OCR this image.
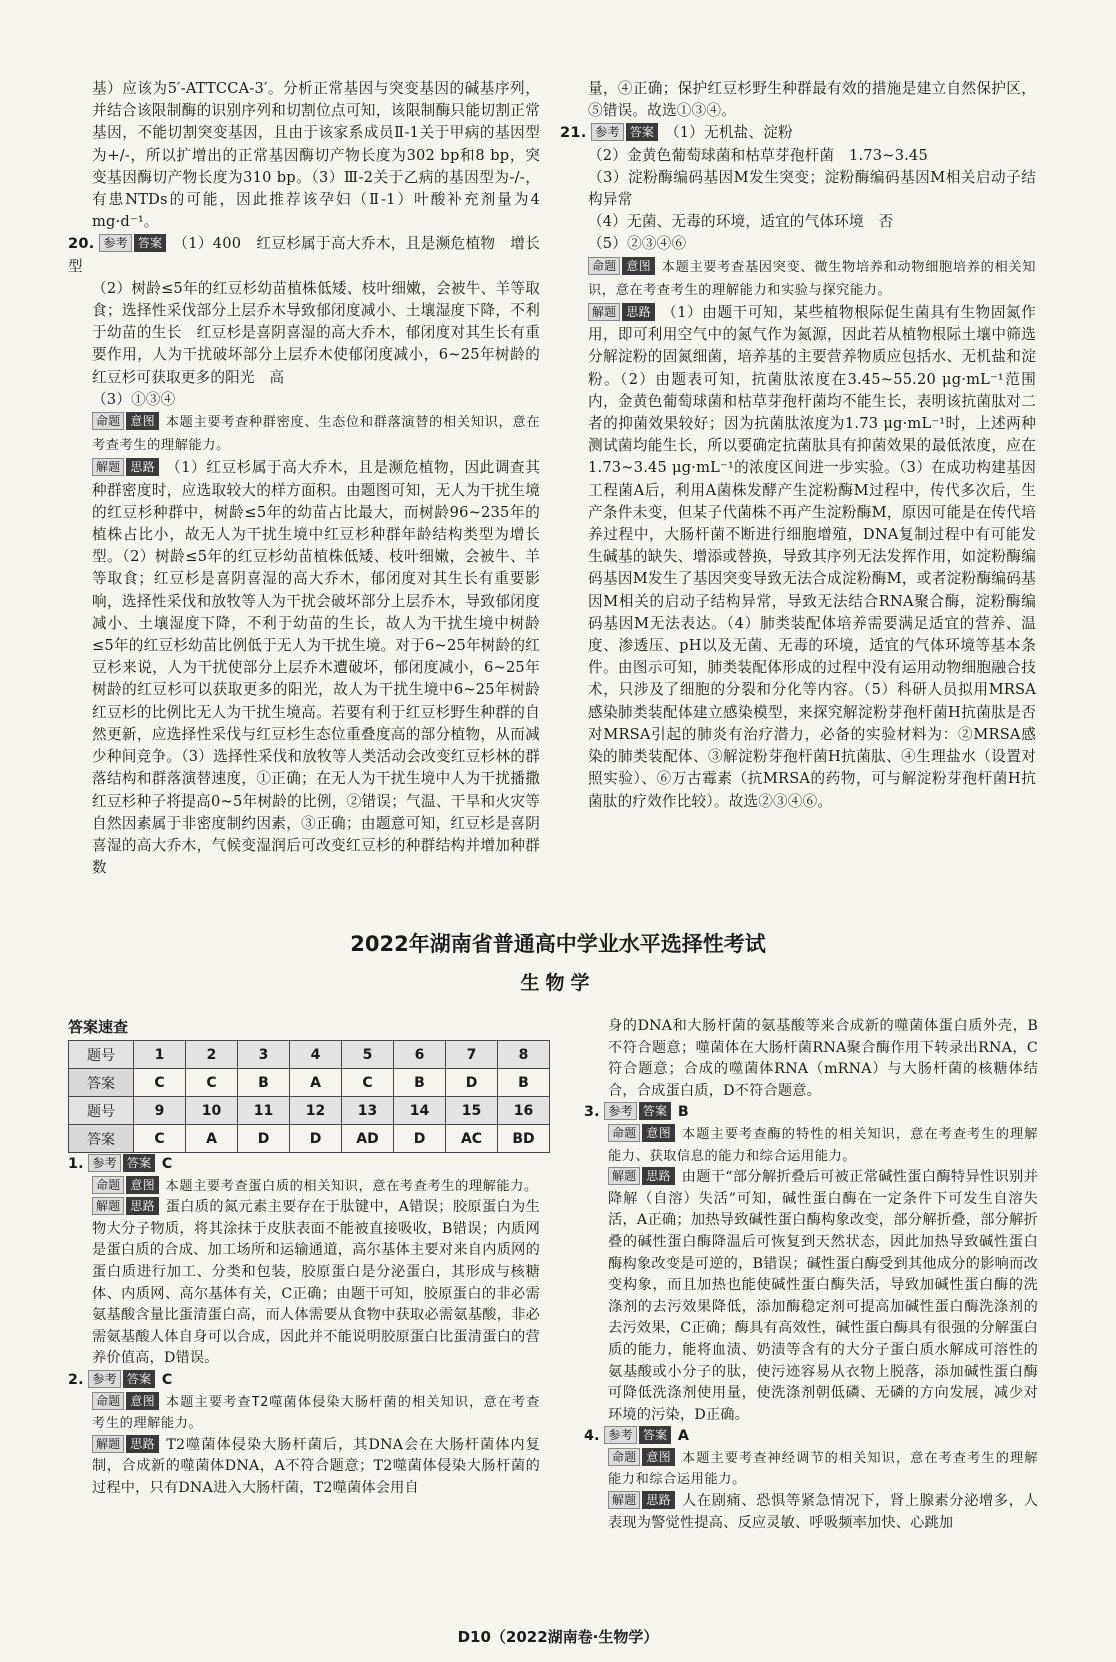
基）应该为5′-ATTCCA-3′。分析正常基因与突变基因的碱基序列，并结合该限制酶的识别序列和切割位点可知，该限制酶只能切割正常基因，不能切割突变基因，且由于该家系成员Ⅱ-1关于甲病的基因型为+/-，所以扩增出的正常基因酶切产物长度为302 bp和8 bp，突变基因酶切产物长度为310 bp。（3）Ⅲ-2关于乙病的基因型为-/-，有患NTDs的可能，因此推荐该孕妇（Ⅱ-1）叶酸补充剂量为4 mg·d⁻¹。

20. 参考 答案 （1）400　红豆杉属于高大乔木，且是濒危植物　增长型

（2）树龄≤5年的红豆杉幼苗植株低矮、枝叶细嫩，会被牛、羊等取食；选择性采伐部分上层乔木导致郁闭度减小、土壤湿度下降，不利于幼苗的生长　红豆杉是喜阴喜湿的高大乔木，郁闭度对其生长有重要作用，人为干扰破坏部分上层乔木使郁闭度减小，6~25年树龄的红豆杉可获取更多的阳光　高

（3）①③④

命题 意图 本题主要考查种群密度、生态位和群落演替的相关知识，意在考查考生的理解能力。

解题 思路 （1）红豆杉属于高大乔木，且是濒危植物，因此调查其种群密度时，应选取较大的样方面积。由题图可知，无人为干扰生境的红豆杉种群中，树龄≤5年的幼苗占比最大，而树龄96~235年的植株占比小，故无人为干扰生境中红豆杉种群年龄结构类型为增长型。（2）树龄≤5年的红豆杉幼苗植株低矮、枝叶细嫩，会被牛、羊等取食；红豆杉是喜阴喜湿的高大乔木，郁闭度对其生长有重要影响，选择性采伐和放牧等人为干扰会破坏部分上层乔木，导致郁闭度减小、土壤湿度下降，不利于幼苗的生长，故人为干扰生境中树龄≤5年的红豆杉幼苗比例低于无人为干扰生境。对于6~25年树龄的红豆杉来说，人为干扰使部分上层乔木遭破坏，郁闭度减小，6~25年树龄的红豆杉可以获取更多的阳光，故人为干扰生境中6~25年树龄红豆杉的比例比无人为干扰生境高。若要有利于红豆杉野生种群的自然更新，应选择性采伐与红豆杉生态位重叠度高的部分植物，从而减少种间竞争。（3）选择性采伐和放牧等人类活动会改变红豆杉林的群落结构和群落演替速度，①正确；在无人为干扰生境中人为干扰播撒红豆杉种子将提高0~5年树龄的比例，②错误；气温、干旱和火灾等自然因素属于非密度制约因素，③正确；由题意可知，红豆杉是喜阴喜湿的高大乔木，气候变湿润后可改变红豆杉的种群结构并增加种群数

量，④正确；保护红豆杉野生种群最有效的措施是建立自然保护区，⑤错误。故选①③④。

21. 参考 答案 （1）无机盐、淀粉

（2）金黄色葡萄球菌和枯草芽孢杆菌　1.73~3.45

（3）淀粉酶编码基因M发生突变；淀粉酶编码基因M相关启动子结构异常

（4）无菌、无毒的环境，适宜的气体环境　否

（5）②③④⑥

命题 意图 本题主要考查基因突变、微生物培养和动物细胞培养的相关知识，意在考查考生的理解能力和实验与探究能力。

解题 思路 （1）由题干可知，某些植物根际促生菌具有生物固氮作用，即可利用空气中的氮气作为氮源，因此若从植物根际土壤中筛选分解淀粉的固氮细菌，培养基的主要营养物质应包括水、无机盐和淀粉。（2）由题表可知，抗菌肽浓度在3.45~55.20 μg·mL⁻¹范围内，金黄色葡萄球菌和枯草芽孢杆菌均不能生长，表明该抗菌肽对二者的抑菌效果较好；因为抗菌肽浓度为1.73 μg·mL⁻¹时，上述两种测试菌均能生长，所以要确定抗菌肽具有抑菌效果的最低浓度，应在1.73~3.45 μg·mL⁻¹的浓度区间进一步实验。（3）在成功构建基因工程菌A后，利用A菌株发酵产生淀粉酶M过程中，传代多次后，生产条件未变，但某子代菌株不再产生淀粉酶M，原因可能是在传代培养过程中，大肠杆菌不断进行细胞增殖，DNA复制过程中有可能发生碱基的缺失、增添或替换，导致其序列无法发挥作用，如淀粉酶编码基因M发生了基因突变导致无法合成淀粉酶M，或者淀粉酶编码基因M相关的启动子结构异常，导致无法结合RNA聚合酶，淀粉酶编码基因M无法表达。（4）肺类装配体培养需要满足适宜的营养、温度、渗透压、pH以及无菌、无毒的环境，适宜的气体环境等基本条件。由图示可知，肺类装配体形成的过程中没有运用动物细胞融合技术，只涉及了细胞的分裂和分化等内容。（5）科研人员拟用MRSA感染肺类装配体建立感染模型，来探究解淀粉芽孢杆菌H抗菌肽是否对MRSA引起的肺炎有治疗潜力，必备的实验材料为：②MRSA感染的肺类装配体、③解淀粉芽孢杆菌H抗菌肽、④生理盐水（设置对照实验）、⑥万古霉素（抗MRSA的药物，可与解淀粉芽孢杆菌H抗菌肽的疗效作比较）。故选②③④⑥。

2022年湖南省普通高中学业水平选择性考试
生物学
答案速查
题号	1	2	3	4	5	6	7	8
答案	C	C	B	A	C	B	D	B
题号	9	10	11	12	13	14	15	16
答案	C	A	D	D	AD	D	AC	BD

1. 参考 答案 C

命题 意图 本题主要考查蛋白质的相关知识，意在考查考生的理解能力。

解题 思路 蛋白质的氮元素主要存在于肽键中，A错误；胶原蛋白为生物大分子物质，将其涂抹于皮肤表面不能被直接吸收，B错误；内质网是蛋白质的合成、加工场所和运输通道，高尔基体主要对来自内质网的蛋白质进行加工、分类和包装，胶原蛋白是分泌蛋白，其形成与核糖体、内质网、高尔基体有关，C正确；由题干可知，胶原蛋白的非必需氨基酸含量比蛋清蛋白高，而人体需要从食物中获取必需氨基酸，非必需氨基酸人体自身可以合成，因此并不能说明胶原蛋白比蛋清蛋白的营养价值高，D错误。

2. 参考 答案 C

命题 意图 本题主要考查T2噬菌体侵染大肠杆菌的相关知识，意在考查考生的理解能力。

解题 思路 T2噬菌体侵染大肠杆菌后，其DNA会在大肠杆菌体内复制，合成新的噬菌体DNA，A不符合题意；T2噬菌体侵染大肠杆菌的过程中，只有DNA进入大肠杆菌，T2噬菌体会用自

身的DNA和大肠杆菌的氨基酸等来合成新的噬菌体蛋白质外壳，B不符合题意；噬菌体在大肠杆菌RNA聚合酶作用下转录出RNA，C符合题意；合成的噬菌体RNA（mRNA）与大肠杆菌的核糖体结合，合成蛋白质，D不符合题意。

3. 参考 答案 B

命题 意图 本题主要考查酶的特性的相关知识，意在考查考生的理解能力、获取信息的能力和综合运用能力。

解题 思路 由题干“部分解折叠后可被正常碱性蛋白酶特异性识别并降解（自溶）失活”可知，碱性蛋白酶在一定条件下可发生自溶失活，A正确；加热导致碱性蛋白酶构象改变，部分解折叠，部分解折叠的碱性蛋白酶降温后可恢复到天然状态，因此加热导致碱性蛋白酶构象改变是可逆的，B错误；碱性蛋白酶受到其他成分的影响而改变构象，而且加热也能使碱性蛋白酶失活，导致加碱性蛋白酶的洗涤剂的去污效果降低，添加酶稳定剂可提高加碱性蛋白酶洗涤剂的去污效果，C正确；酶具有高效性，碱性蛋白酶具有很强的分解蛋白质的能力，能将血渍、奶渍等含有的大分子蛋白质水解成可溶性的氨基酸或小分子的肽，使污迹容易从衣物上脱落，添加碱性蛋白酶可降低洗涤剂使用量，使洗涤剂朝低磷、无磷的方向发展，减少对环境的污染，D正确。

4. 参考 答案 A

命题 意图 本题主要考查神经调节的相关知识，意在考查考生的理解能力和综合运用能力。

解题 思路 人在剧痛、恐惧等紧急情况下，肾上腺素分泌增多，人表现为警觉性提高、反应灵敏、呼吸频率加快、心跳加

D10（2022湖南卷·生物学）
